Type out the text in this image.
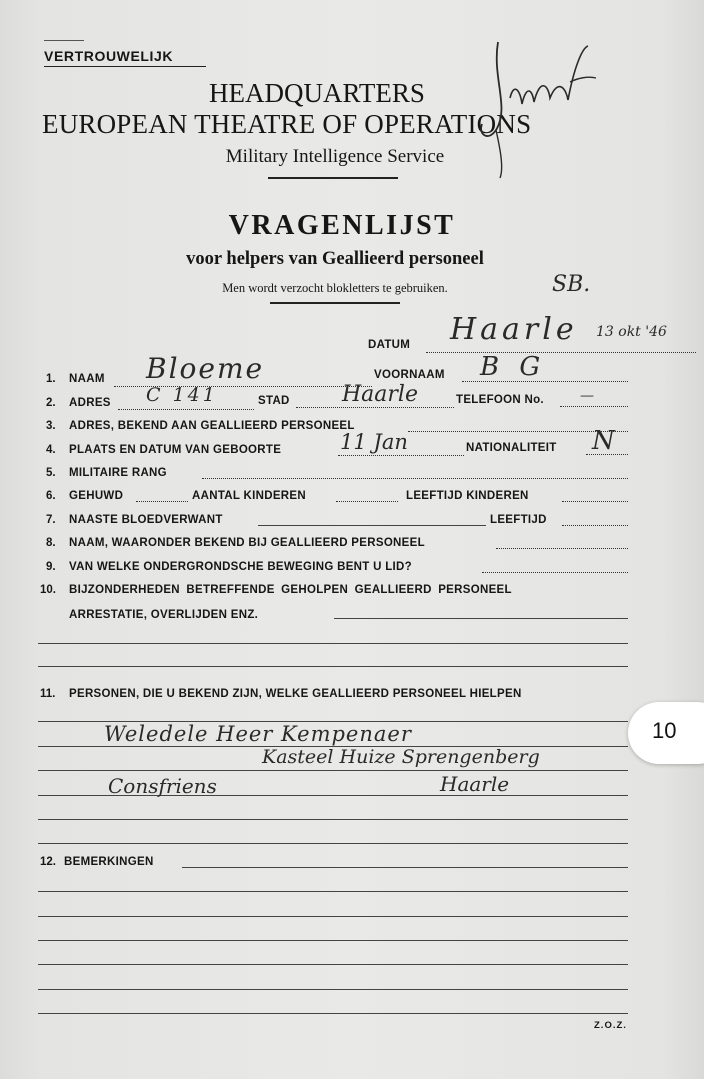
VERTROUWELIJK
HEADQUARTERS
EUROPEAN THEATRE OF OPERATIONS
Military Intelligence Service
VRAGENLIJST
voor helpers van Geallieerd personeel
Men wordt verzocht blokletters te gebruiken.	SB.
DATUM Haarle 13 okt '46
1. NAAM Bloeme	VOORNAAM B G
2. ADRES C 141	STAD Haarle	TELEFOON No.	—
3. ADRES, BEKEND AAN GEALLIEERD PERSONEEL
4. PLAATS EN DATUM VAN GEBOORTE	11 Jan	NATIONALITEIT N
5. MILITAIRE RANG
6. GEHUWD	AANTAL KINDEREN	LEEFTIJD KINDEREN
7. NAASTE BLOEDVERWANT	LEEFTIJD
8. NAAM, WAARONDER BEKEND BIJ GEALLIEERD PERSONEEL
9. VAN WELKE ONDERGRONDSCHE BEWEGING BENT U LID?
10. BIJZONDERHEDEN BETREFFENDE GEHOLPEN GEALLIEERD PERSONEEL
ARRESTATIE, OVERLIJDEN ENZ.
11. PERSONEN, DIE U BEKEND ZIJN, WELKE GEALLIEERD PERSONEEL HIELPEN
Weledele Heer Kempenaer
Kasteel Huize Sprengenberg
Consfriens	Haarle
12. BEMERKINGEN
Z.O.Z.
10
